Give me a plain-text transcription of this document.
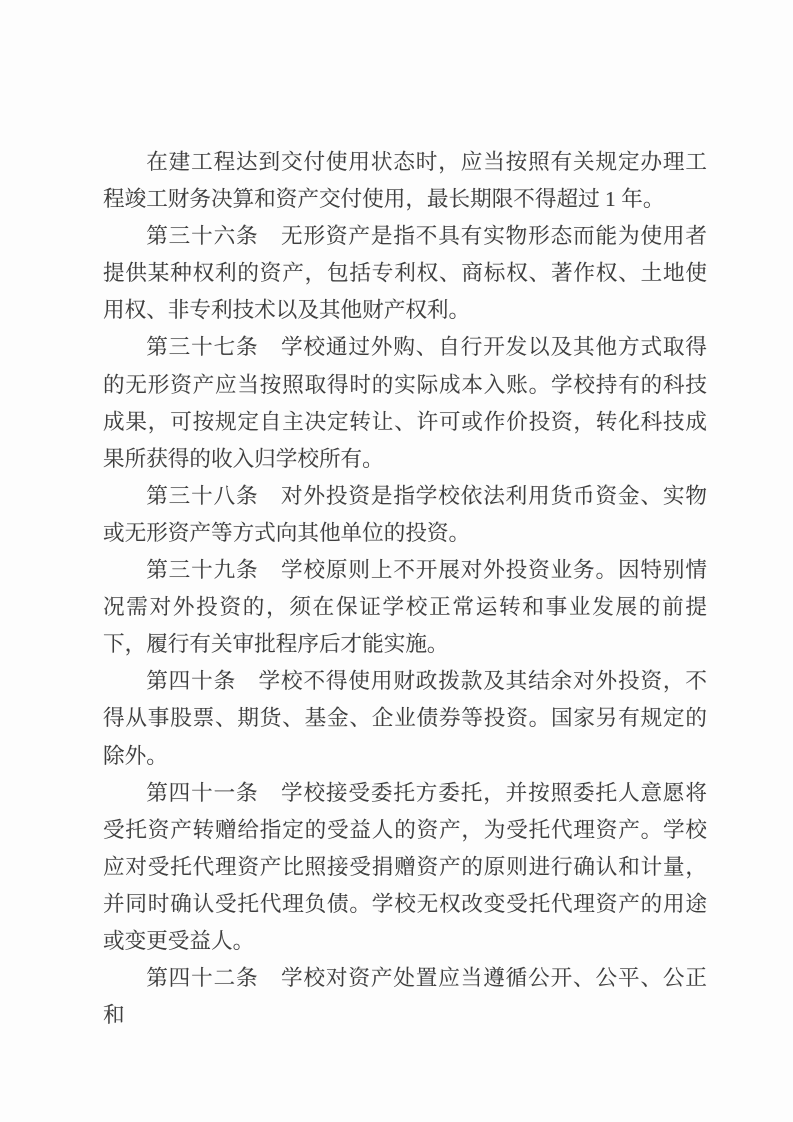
在建工程达到交付使用状态时，应当按照有关规定办理工程竣工财务决算和资产交付使用，最长期限不得超过 1 年。

第三十六条　无形资产是指不具有实物形态而能为使用者提供某种权利的资产，包括专利权、商标权、著作权、土地使用权、非专利技术以及其他财产权利。

第三十七条　学校通过外购、自行开发以及其他方式取得的无形资产应当按照取得时的实际成本入账。学校持有的科技成果，可按规定自主决定转让、许可或作价投资，转化科技成果所获得的收入归学校所有。

第三十八条　对外投资是指学校依法利用货币资金、实物或无形资产等方式向其他单位的投资。

第三十九条　学校原则上不开展对外投资业务。因特别情况需对外投资的，须在保证学校正常运转和事业发展的前提下，履行有关审批程序后才能实施。

第四十条　学校不得使用财政拨款及其结余对外投资，不得从事股票、期货、基金、企业债券等投资。国家另有规定的除外。

第四十一条　学校接受委托方委托，并按照委托人意愿将受托资产转赠给指定的受益人的资产，为受托代理资产。学校应对受托代理资产比照接受捐赠资产的原则进行确认和计量，并同时确认受托代理负债。学校无权改变受托代理资产的用途或变更受益人。

第四十二条　学校对资产处置应当遵循公开、公平、公正和
